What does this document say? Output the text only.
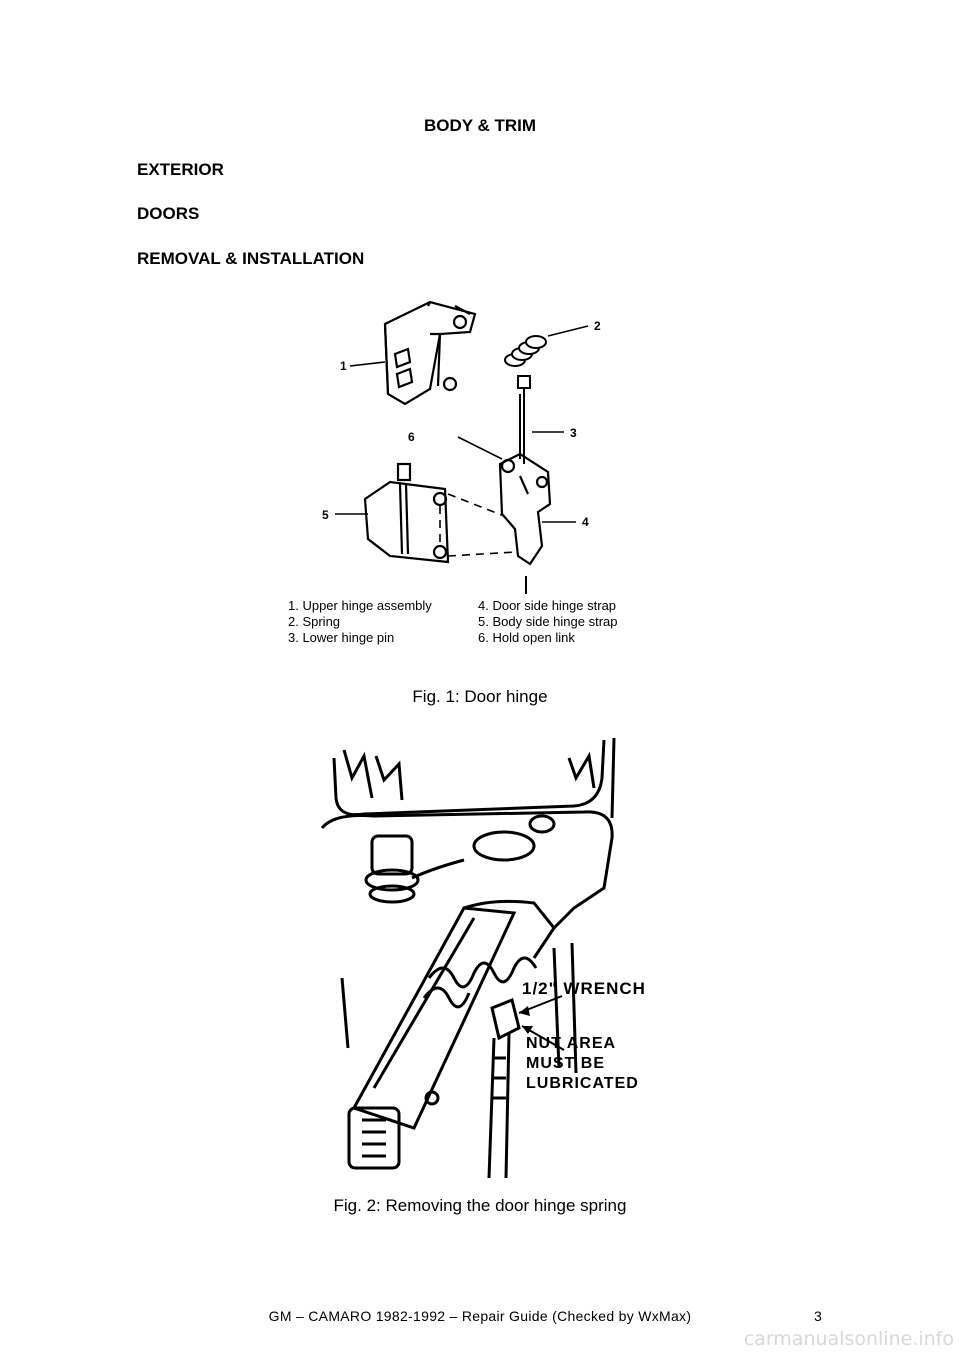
BODY & TRIM
EXTERIOR
DOORS
REMOVAL & INSTALLATION
1
2
3
6
4
5
1. Upper hinge assembly
2. Spring
3. Lower hinge pin
4. Door side hinge strap
5. Body side hinge strap
6. Hold open link
Fig. 1: Door hinge
1/2" WRENCH
NUT AREA
MUST BE
LUBRICATED
Fig. 2: Removing the door hinge spring
GM – CAMARO 1982-1992 – Repair Guide (Checked by WxMax)	3
carmanualsonline.info
